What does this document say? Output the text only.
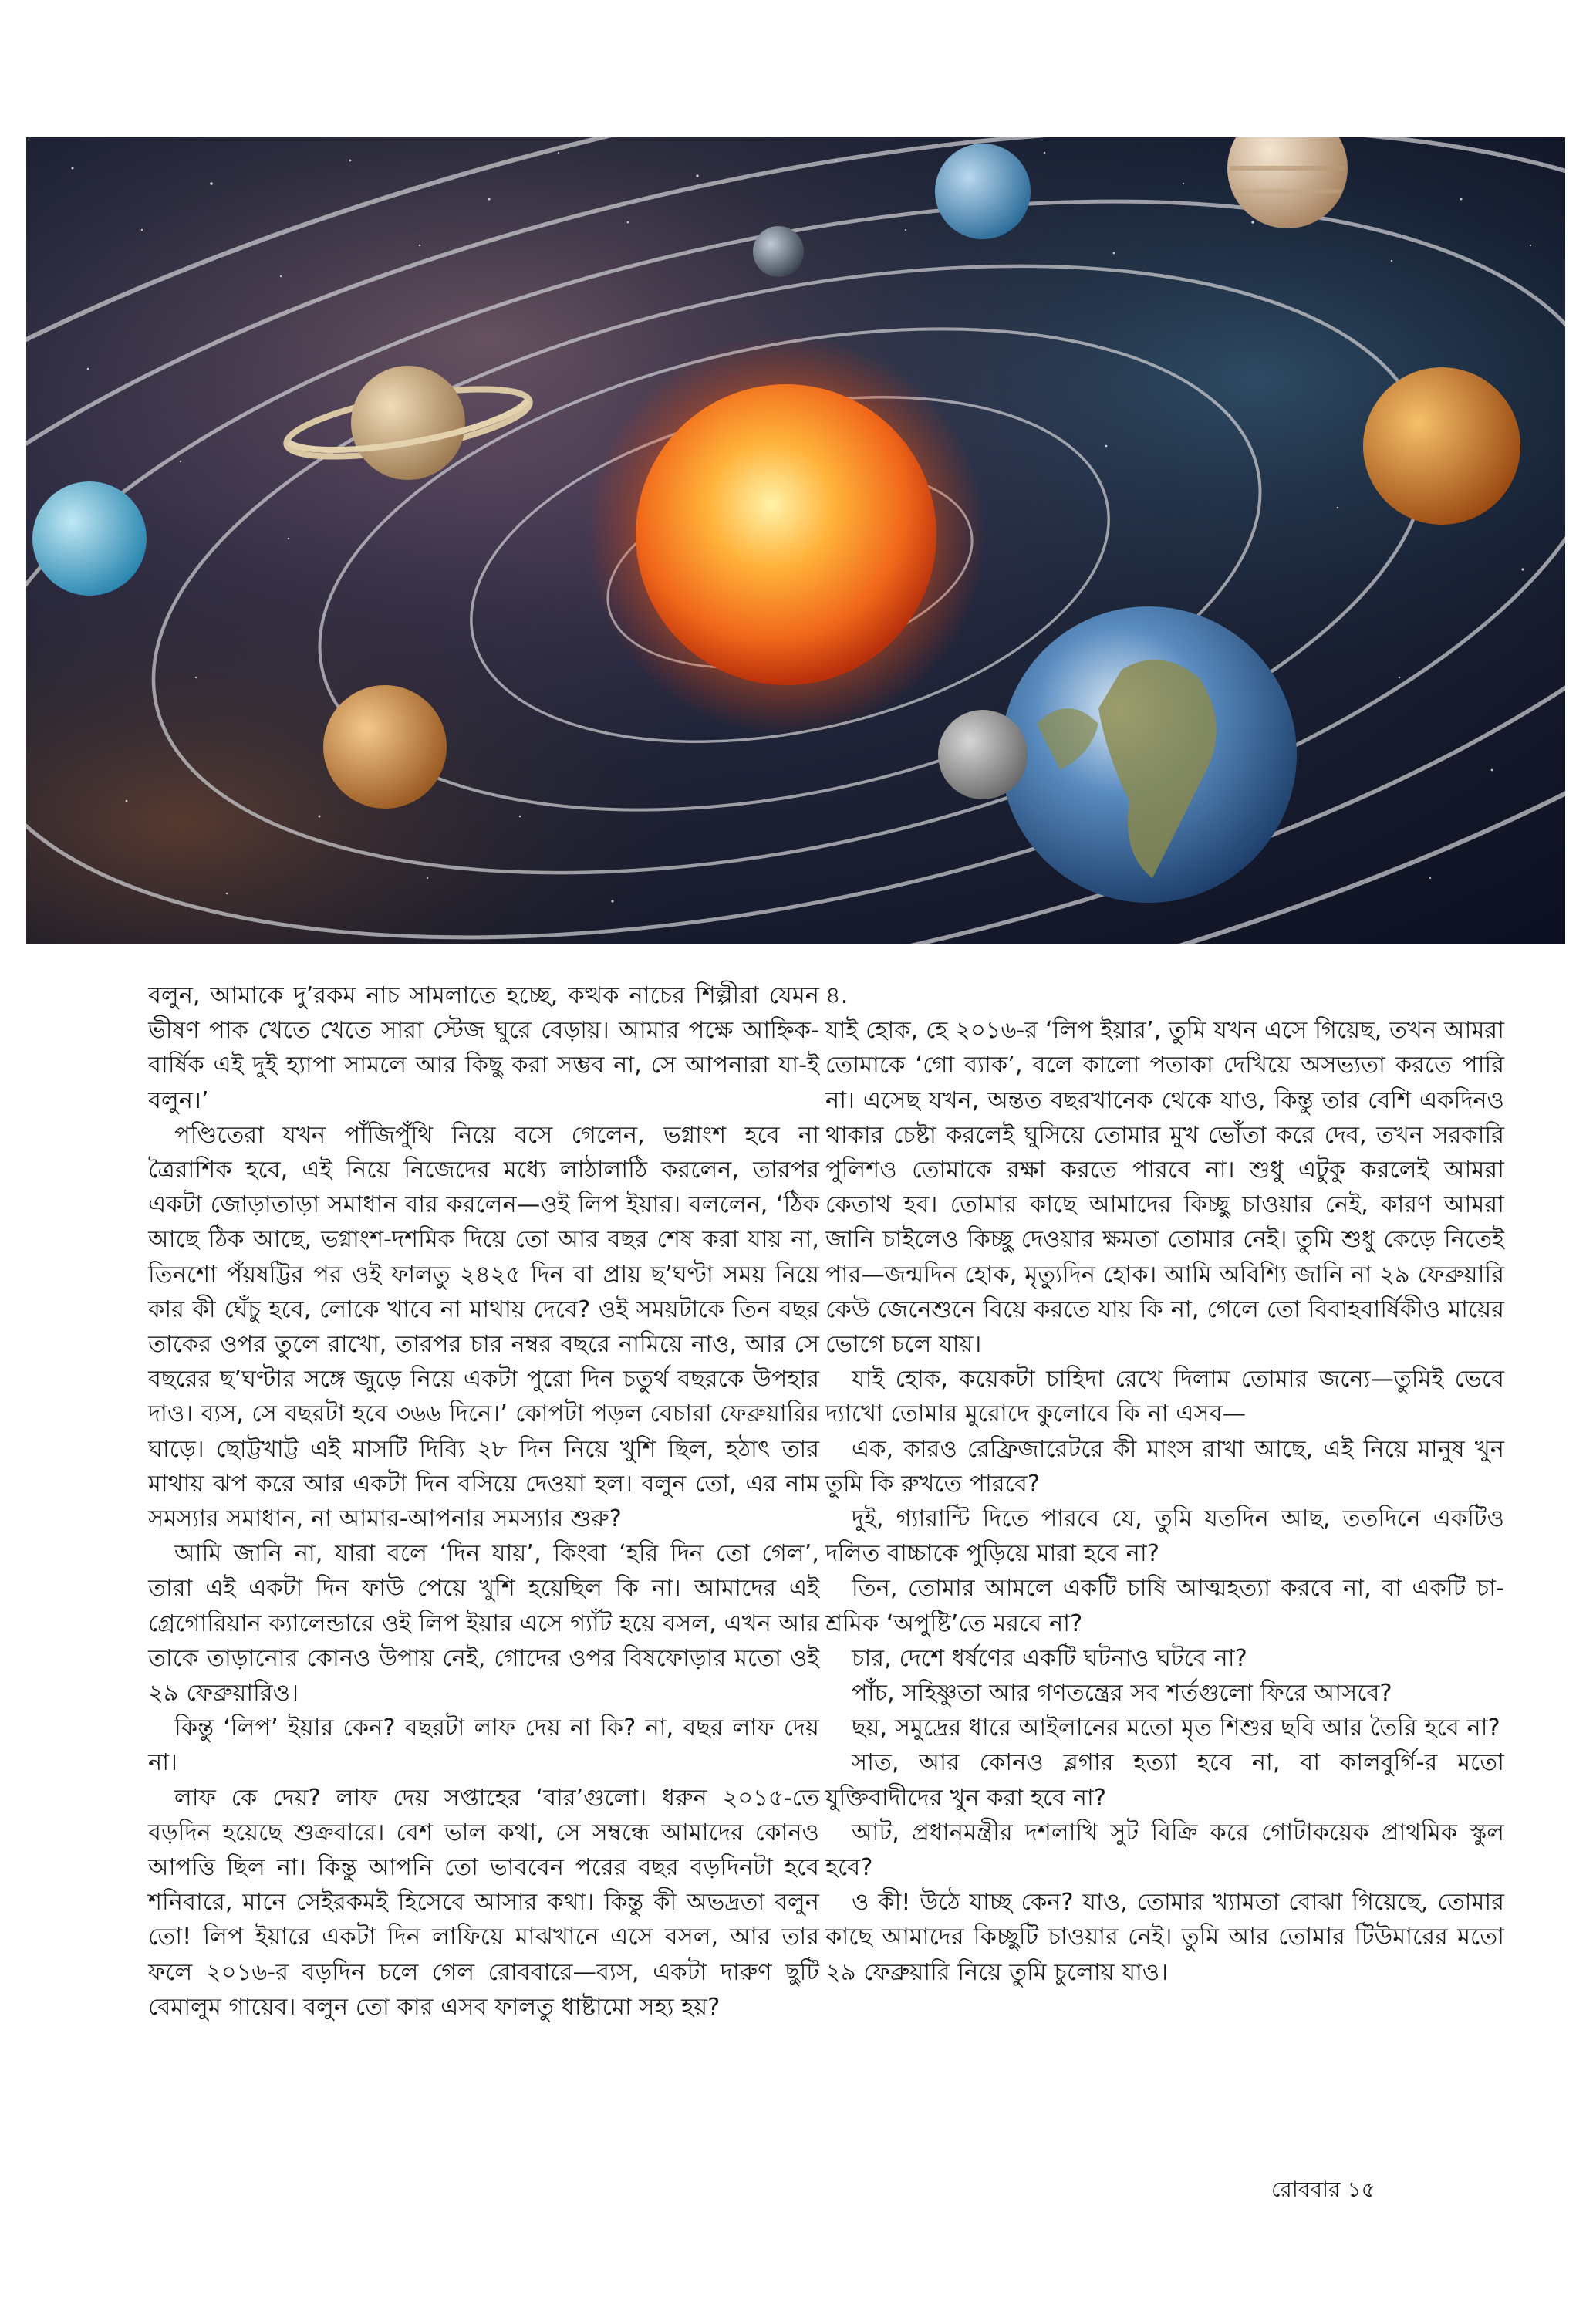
বলুন, আমাকে দু’রকম নাচ সামলাতে হচ্ছে, কত্থক নাচের শিল্পীরা যেমন ভীষণ পাক খেতে খেতে সারা স্টেজ ঘুরে বেড়ায়। আমার পক্ষে আহ্নিক-বার্ষিক এই দুই হ্যাপা সামলে আর কিছু করা সম্ভব না, সে আপনারা যা-ই বলুন।’

পণ্ডিতেরা যখন পাঁজিপুঁথি নিয়ে বসে গেলেন, ভগ্নাংশ হবে না ত্রৈরাশিক হবে, এই নিয়ে নিজেদের মধ্যে লাঠালাঠি করলেন, তারপর একটা জোড়াতাড়া সমাধান বার করলেন—ওই লিপ ইয়ার। বললেন, ‘ঠিক আছে ঠিক আছে, ভগ্নাংশ-দশমিক দিয়ে তো আর বছর শেষ করা যায় না, তিনশো পঁয়ষট্টির পর ওই ফালতু ২৪২৫ দিন বা প্রায় ছ’ঘণ্টা সময় নিয়ে কার কী ঘেঁচু হবে, লোকে খাবে না মাথায় দেবে? ওই সময়টাকে তিন বছর তাকের ওপর তুলে রাখো, তারপর চার নম্বর বছরে নামিয়ে নাও, আর সে বছরের ছ’ঘণ্টার সঙ্গে জুড়ে নিয়ে একটা পুরো দিন চতুর্থ বছরকে উপহার দাও। ব্যস, সে বছরটা হবে ৩৬৬ দিনে।’ কোপটা পড়ল বেচারা ফেব্রুয়ারির ঘাড়ে। ছোট্টখাট্ট এই মাসটি দিব্যি ২৮ দিন নিয়ে খুশি ছিল, হঠাৎ তার মাথায় ঝপ করে আর একটা দিন বসিয়ে দেওয়া হল। বলুন তো, এর নাম সমস্যার সমাধান, না আমার-আপনার সমস্যার শুরু?

আমি জানি না, যারা বলে ‘দিন যায়’, কিংবা ‘হরি দিন তো গেল’, তারা এই একটা দিন ফাউ পেয়ে খুশি হয়েছিল কি না। আমাদের এই গ্রেগোরিয়ান ক্যালেন্ডারে ওই লিপ ইয়ার এসে গ্যাঁট হয়ে বসল, এখন আর তাকে তাড়ানোর কোনও উপায় নেই, গোদের ওপর বিষফোড়ার মতো ওই ২৯ ফেব্রুয়ারিও।

কিন্তু ‘লিপ’ ইয়ার কেন? বছরটা লাফ দেয় না কি? না, বছর লাফ দেয় না।

লাফ কে দেয়? লাফ দেয় সপ্তাহের ‘বার’গুলো। ধরুন ২০১৫-তে বড়দিন হয়েছে শুক্রবারে। বেশ ভাল কথা, সে সম্বন্ধে আমাদের কোনও আপত্তি ছিল না। কিন্তু আপনি তো ভাববেন পরের বছর বড়দিনটা হবে শনিবারে, মানে সেইরকমই হিসেবে আসার কথা। কিন্তু কী অভদ্রতা বলুন তো! লিপ ইয়ারে একটা দিন লাফিয়ে মাঝখানে এসে বসল, আর তার ফলে ২০১৬-র বড়দিন চলে গেল রোববারে—ব্যস, একটা দারুণ ছুটি বেমালুম গায়েব। বলুন তো কার এসব ফালতু ধাষ্টামো সহ্য হয়?

৪.

যাই হোক, হে ২০১৬-র ‘লিপ ইয়ার’, তুমি যখন এসে গিয়েছ, তখন আমরা তোমাকে ‘গো ব্যাক’, বলে কালো পতাকা দেখিয়ে অসভ্যতা করতে পারি না। এসেছ যখন, অন্তত বছরখানেক থেকে যাও, কিন্তু তার বেশি একদিনও থাকার চেষ্টা করলেই ঘুসিয়ে তোমার মুখ ভোঁতা করে দেব, তখন সরকারি পুলিশও তোমাকে রক্ষা করতে পারবে না। শুধু এটুকু করলেই আমরা কেতাথ হব। তোমার কাছে আমাদের কিচ্ছু চাওয়ার নেই, কারণ আমরা জানি চাইলেও কিচ্ছু দেওয়ার ক্ষমতা তোমার নেই। তুমি শুধু কেড়ে নিতেই পার—জন্মদিন হোক, মৃত্যুদিন হোক। আমি অবিশ্যি জানি না ২৯ ফেব্রুয়ারি কেউ জেনেশুনে বিয়ে করতে যায় কি না, গেলে তো বিবাহবার্ষিকীও মায়ের ভোগে চলে যায়।

যাই হোক, কয়েকটা চাহিদা রেখে দিলাম তোমার জন্যে—তুমিই ভেবে দ্যাখো তোমার মুরোদে কুলোবে কি না এসব—

এক, কারও রেফ্রিজারেটরে কী মাংস রাখা আছে, এই নিয়ে মানুষ খুন তুমি কি রুখতে পারবে?

দুই, গ্যারান্টি দিতে পারবে যে, তুমি যতদিন আছ, ততদিনে একটিও দলিত বাচ্চাকে পুড়িয়ে মারা হবে না?

তিন, তোমার আমলে একটি চাষি আত্মহত্যা করবে না, বা একটি চা-শ্রমিক ‘অপুষ্টি’তে মরবে না?

চার, দেশে ধর্ষণের একটি ঘটনাও ঘটবে না?

পাঁচ, সহিষ্ণুতা আর গণতন্ত্রের সব শর্তগুলো ফিরে আসবে?

ছয়, সমুদ্রের ধারে আইলানের মতো মৃত শিশুর ছবি আর তৈরি হবে না?

সাত, আর কোনও ব্লগার হত্যা হবে না, বা কালবুর্গি-র মতো যুক্তিবাদীদের খুন করা হবে না?

আট, প্রধানমন্ত্রীর দশলাখি সুট বিক্রি করে গোটাকয়েক প্রাথমিক স্কুল হবে?

ও কী! উঠে যাচ্ছ কেন? যাও, তোমার খ্যামতা বোঝা গিয়েছে, তোমার কাছে আমাদের কিচ্ছুটি চাওয়ার নেই। তুমি আর তোমার টিউমারের মতো ২৯ ফেব্রুয়ারি নিয়ে তুমি চুলোয় যাও।

রোববার ১৫
